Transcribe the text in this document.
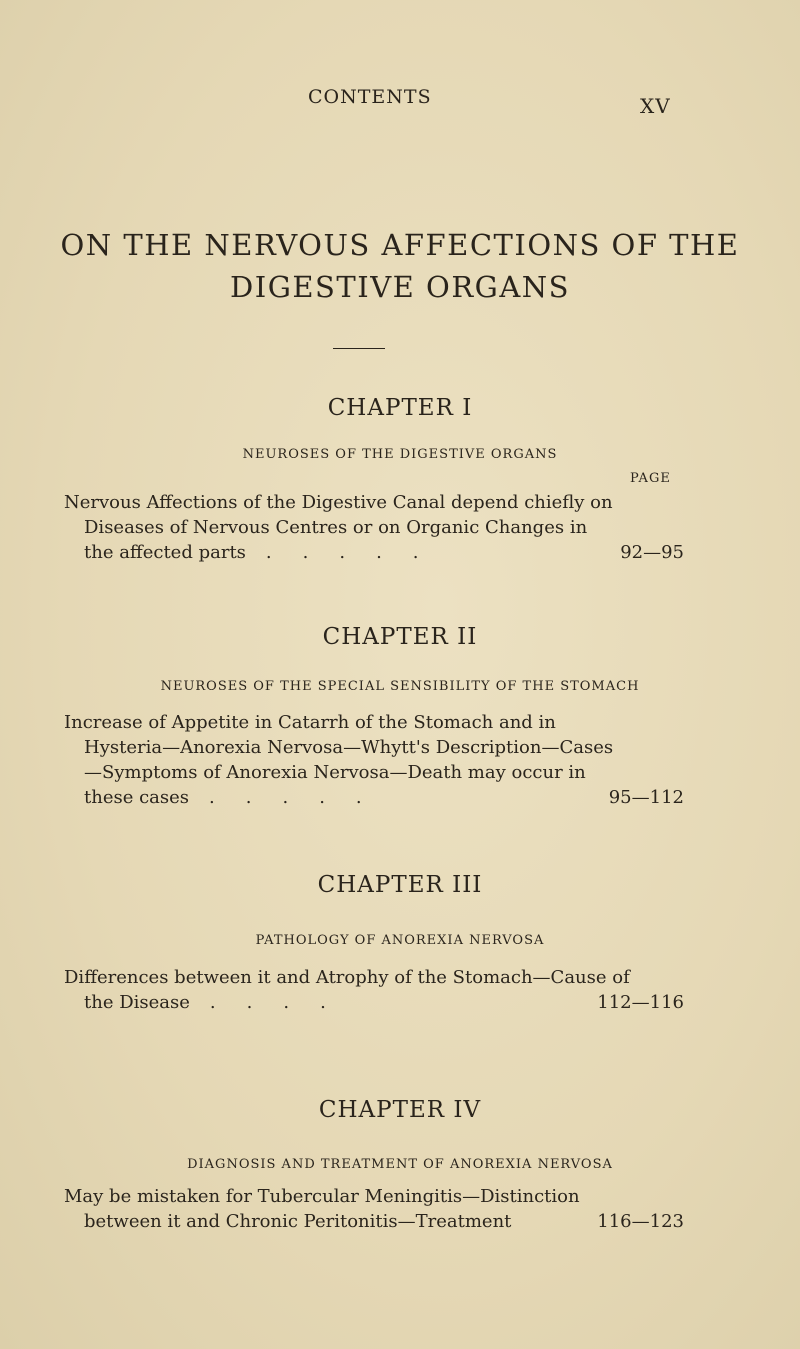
CONTENTS	XV
ON THE NERVOUS AFFECTIONS OF THE
DIGESTIVE ORGANS
CHAPTER I
NEUROSES OF THE DIGESTIVE ORGANS
PAGE
Nervous Affections of the Digestive Canal depend chiefly on
Diseases of Nervous Centres or on Organic Changes in
the affected parts	.....	92—95
CHAPTER II
NEUROSES OF THE SPECIAL SENSIBILITY OF THE STOMACH
Increase of Appetite in Catarrh of the Stomach and in
Hysteria—Anorexia Nervosa—Whytt's Description—Cases
—Symptoms of Anorexia Nervosa—Death may occur in
these cases	.....	95—112
CHAPTER III
PATHOLOGY OF ANOREXIA NERVOSA
Differences between it and Atrophy of the Stomach—Cause of
the Disease	....	112—116
CHAPTER IV
DIAGNOSIS AND TREATMENT OF ANOREXIA NERVOSA
May be mistaken for Tubercular Meningitis—Distinction
between it and Chronic Peritonitis—Treatment	116—123
